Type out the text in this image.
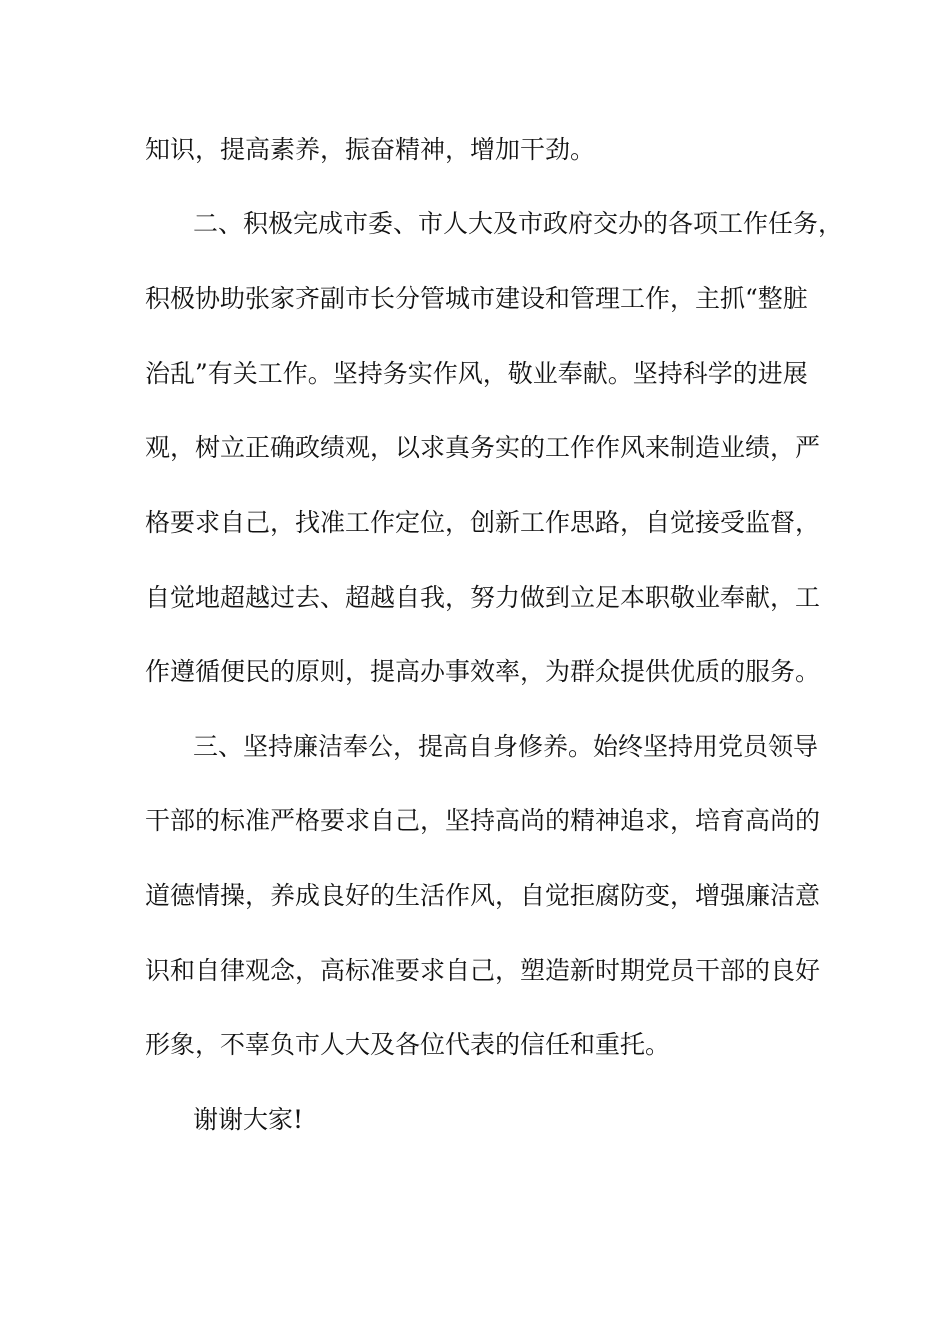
知识，提高素养，振奋精神，增加干劲。
二、积极完成市委、市人大及市政府交办的各项工作任务，
积极协助张家齐副市长分管城市建设和管理工作，主抓“整脏
治乱”有关工作。坚持务实作风，敬业奉献。坚持科学的进展
观，树立正确政绩观，以求真务实的工作作风来制造业绩，严
格要求自己，找准工作定位，创新工作思路，自觉接受监督，
自觉地超越过去、超越自我，努力做到立足本职敬业奉献，工
作遵循便民的原则，提高办事效率，为群众提供优质的服务。
三、坚持廉洁奉公，提高自身修养。始终坚持用党员领导
干部的标准严格要求自己，坚持高尚的精神追求，培育高尚的
道德情操，养成良好的生活作风，自觉拒腐防变，增强廉洁意
识和自律观念，高标准要求自己，塑造新时期党员干部的良好
形象，不辜负市人大及各位代表的信任和重托。
谢谢大家!
